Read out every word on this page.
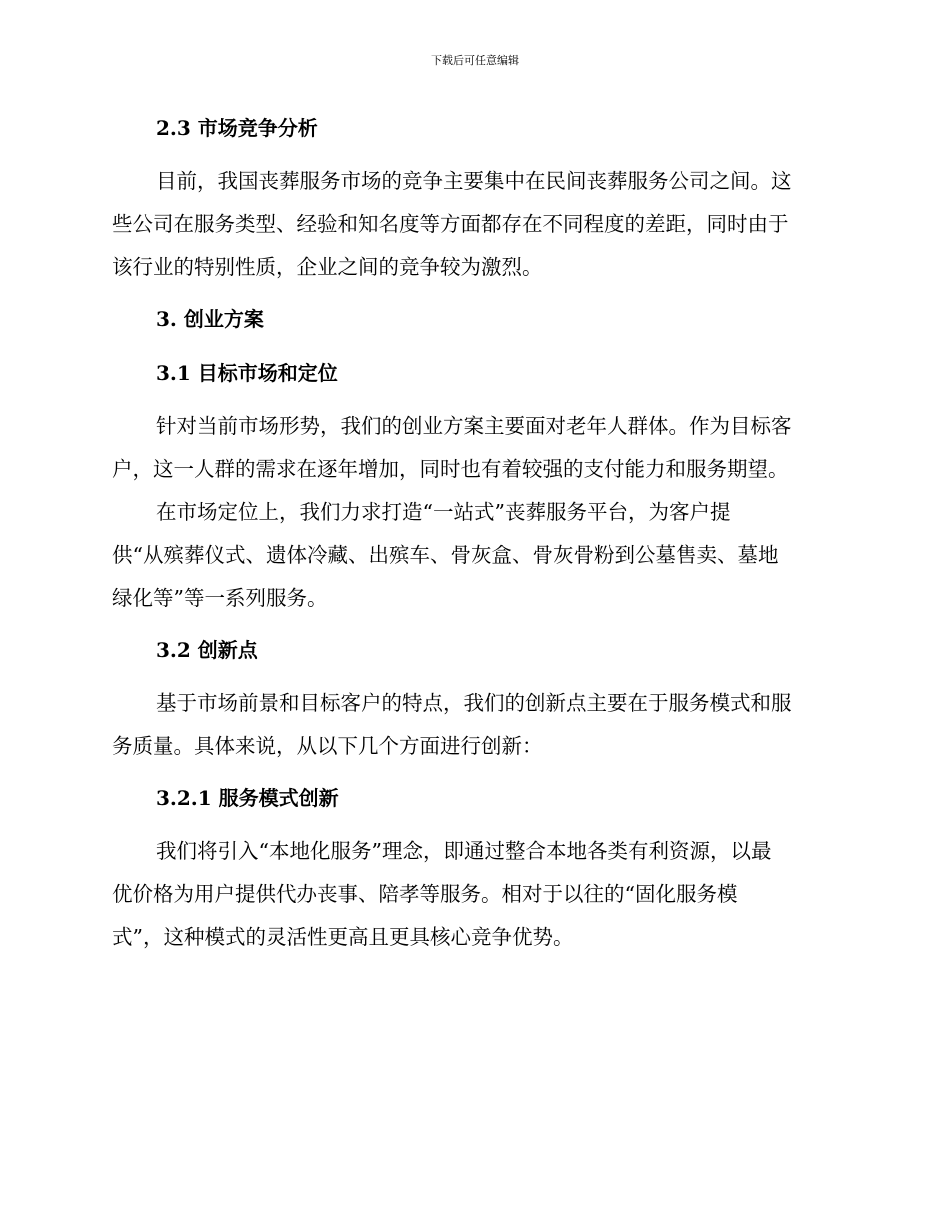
下载后可任意编辑
2.3 市场竞争分析
目前，我国丧葬服务市场的竞争主要集中在民间丧葬服务公司之间。这
些公司在服务类型、经验和知名度等方面都存在不同程度的差距，同时由于
该行业的特别性质，企业之间的竞争较为激烈。
3. 创业方案
3.1 目标市场和定位
针对当前市场形势，我们的创业方案主要面对老年人群体。作为目标客
户，这一人群的需求在逐年增加，同时也有着较强的支付能力和服务期望。
在市场定位上，我们力求打造“一站式”丧葬服务平台，为客户提
供“从殡葬仪式、遗体冷藏、出殡车、骨灰盒、骨灰骨粉到公墓售卖、墓地
绿化等”等一系列服务。
3.2 创新点
基于市场前景和目标客户的特点，我们的创新点主要在于服务模式和服
务质量。具体来说，从以下几个方面进行创新：
3.2.1 服务模式创新
我们将引入“本地化服务”理念，即通过整合本地各类有利资源，以最
优价格为用户提供代办丧事、陪孝等服务。相对于以往的“固化服务模
式”，这种模式的灵活性更高且更具核心竞争优势。
